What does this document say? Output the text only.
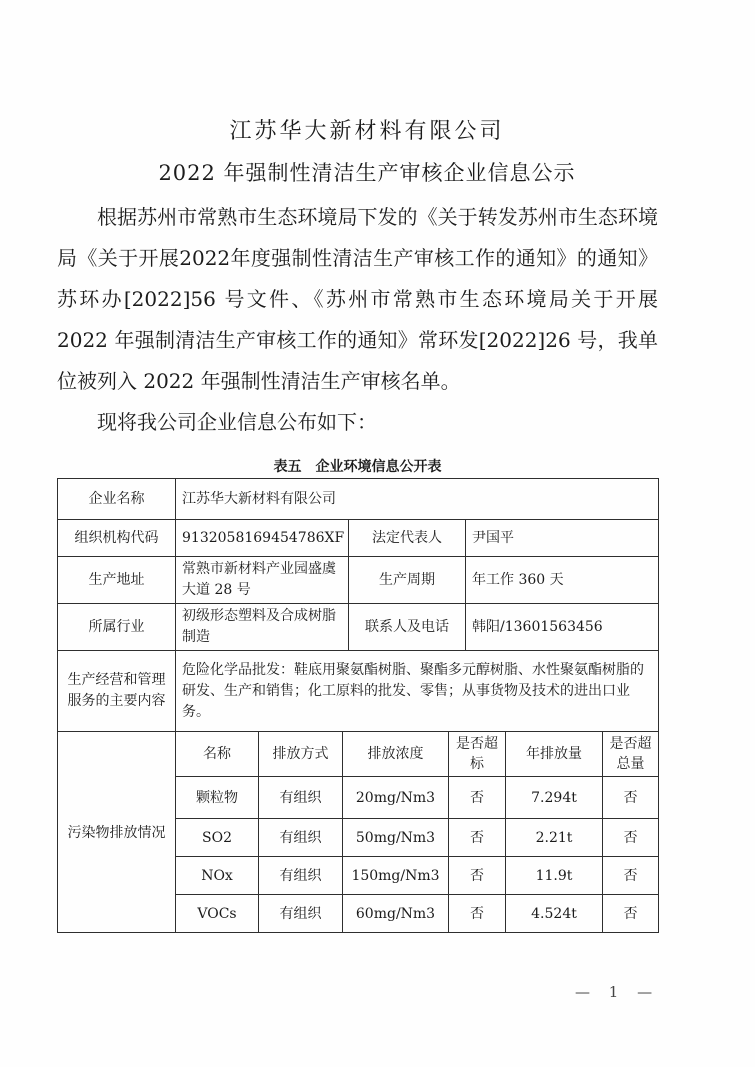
江苏华大新材料有限公司
2022 年强制性清洁生产审核企业信息公示

根据苏州市常熟市生态环境局下发的《关于转发苏州市生态环境局《关于开展2022年度强制性清洁生产审核工作的通知》的通知》苏环办[2022]56 号文件、《苏州市常熟市生态环境局关于开展 2022 年强制清洁生产审核工作的通知》常环发[2022]26 号，我单位被列入 2022 年强制性清洁生产审核名单。

现将我公司企业信息公布如下：

表五　企业环境信息公开表
企业名称	江苏华大新材料有限公司							
组织机构代码	9132058169454786XF			法定代表人		尹国平		
生产地址	常熟市新材料产业园盛虞大道 28 号			生产周期		年工作 360 天		
所属行业	初级形态塑料及合成树脂制造			联系人及电话		韩阳/13601563456		
生产经营和管理服务的主要内容	危险化学品批发：鞋底用聚氨酯树脂、聚酯多元醇树脂、水性聚氨酯树脂的研发、生产和销售；化工原料的批发、零售；从事货物及技术的进出口业务。							
污染物排放情况	名称	排放方式	排放浓度		是否超标		年排放量	是否超总量
	颗粒物	有组织	20mg/Nm3		否		7.294t	否
	SO2	有组织	50mg/Nm3		否		2.21t	否
	NOx	有组织	150mg/Nm3		否		11.9t	否
	VOCs	有组织	60mg/Nm3		否		4.524t	否
— 1 —
